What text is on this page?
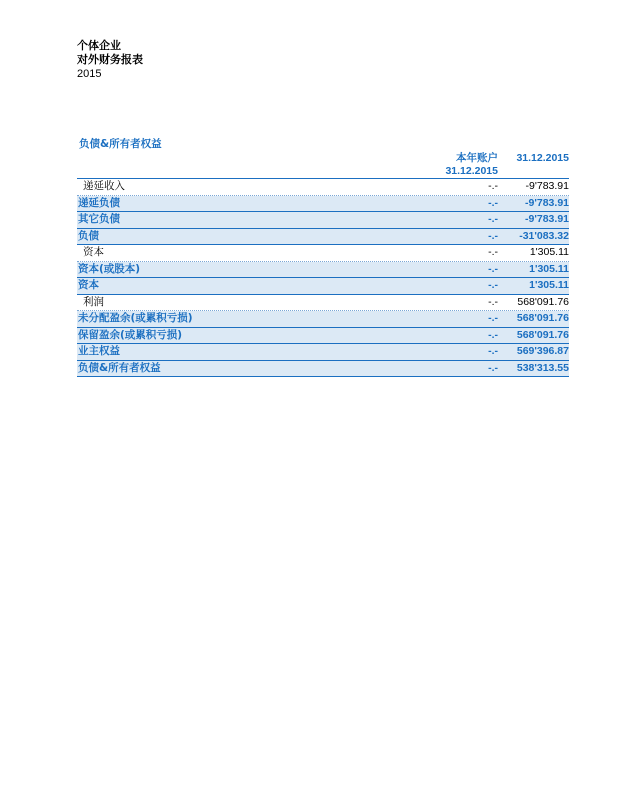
个体企业
对外财务报表
2015
负债&所有者权益
本年账户
31.12.2015
31.12.2015
递延收入	-.-	-9'783.91
递延负债	-.-	-9'783.91
其它负债	-.-	-9'783.91
负债	-.- -31'083.32
资本	-.-	1'305.11
资本(或股本)	-.-	1'305.11
资本	-.-	1'305.11
利润	-.- 568'091.76
未分配盈余(或累积亏损)	-.- 568'091.76
保留盈余(或累积亏损)	-.- 568'091.76
业主权益	-.- 569'396.87
负债&所有者权益	-.- 538'313.55
